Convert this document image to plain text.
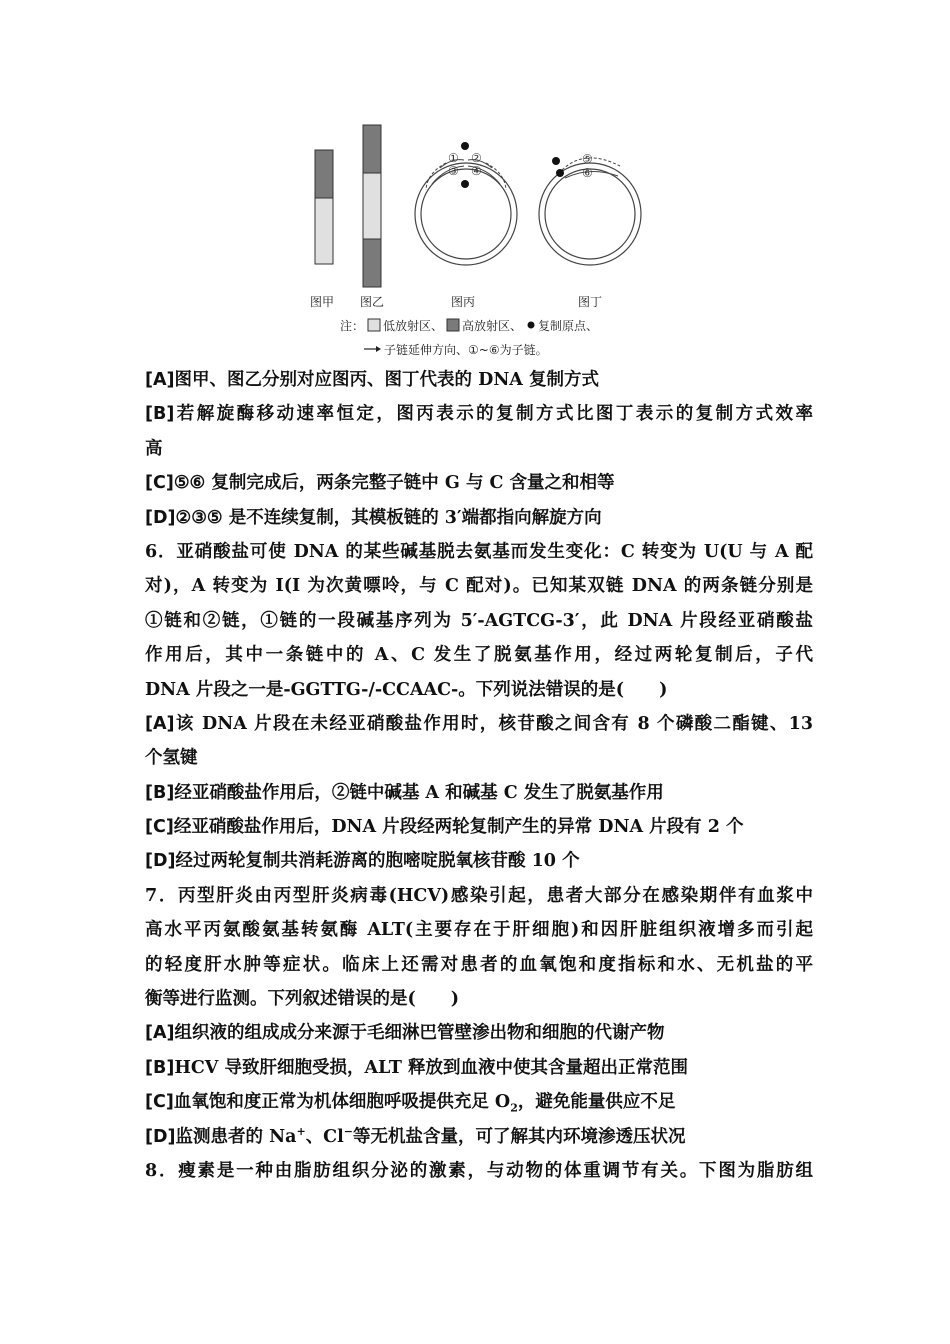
① ②
③ ④
⑤
⑥
图甲 图乙	图丙	图丁
注： 低放射区、 高放射区、 复制原点、
子链延伸方向、①~⑥为子链。
[A]图甲、图乙分别对应图丙、图丁代表的 DNA 复制方式
[B]若解旋酶移动速率恒定，图丙表示的复制方式比图丁表示的复制方式效率
高
[C]⑤⑥ 复制完成后，两条完整子链中 G 与 C 含量之和相等
[D]②③⑤ 是不连续复制，其模板链的 3′端都指向解旋方向
6．亚硝酸盐可使 DNA 的某些碱基脱去氨基而发生变化：C 转变为 U(U 与 A 配
对)，A 转变为 I(I 为次黄嘌呤，与 C 配对)。已知某双链 DNA 的两条链分别是
①链和②链，①链的一段碱基序列为 5′-AGTCG-3′，此 DNA 片段经亚硝酸盐
作用后，其中一条链中的 A、C 发生了脱氨基作用，经过两轮复制后，子代
DNA 片段之一是-GGTTG-/-CCAAC-。下列说法错误的是(　　)
[A]该 DNA 片段在未经亚硝酸盐作用时，核苷酸之间含有 8 个磷酸二酯键、13
个氢键
[B]经亚硝酸盐作用后，②链中碱基 A 和碱基 C 发生了脱氨基作用
[C]经亚硝酸盐作用后，DNA 片段经两轮复制产生的异常 DNA 片段有 2 个
[D]经过两轮复制共消耗游离的胞嘧啶脱氧核苷酸 10 个
7．丙型肝炎由丙型肝炎病毒(HCV)感染引起，患者大部分在感染期伴有血浆中
高水平丙氨酸氨基转氨酶 ALT(主要存在于肝细胞)和因肝脏组织液增多而引起
的轻度肝水肿等症状。临床上还需对患者的血氧饱和度指标和水、无机盐的平
衡等进行监测。下列叙述错误的是(　　)
[A]组织液的组成成分来源于毛细淋巴管壁渗出物和细胞的代谢产物
[B]HCV 导致肝细胞受损，ALT 释放到血液中使其含量超出正常范围
[C]血氧饱和度正常为机体细胞呼吸提供充足 $O_2$，避免能量供应不足
[D]监测患者的 Na+、Cl−等无机盐含量，可了解其内环境渗透压状况
8．瘦素是一种由脂肪组织分泌的激素，与动物的体重调节有关。下图为脂肪组
